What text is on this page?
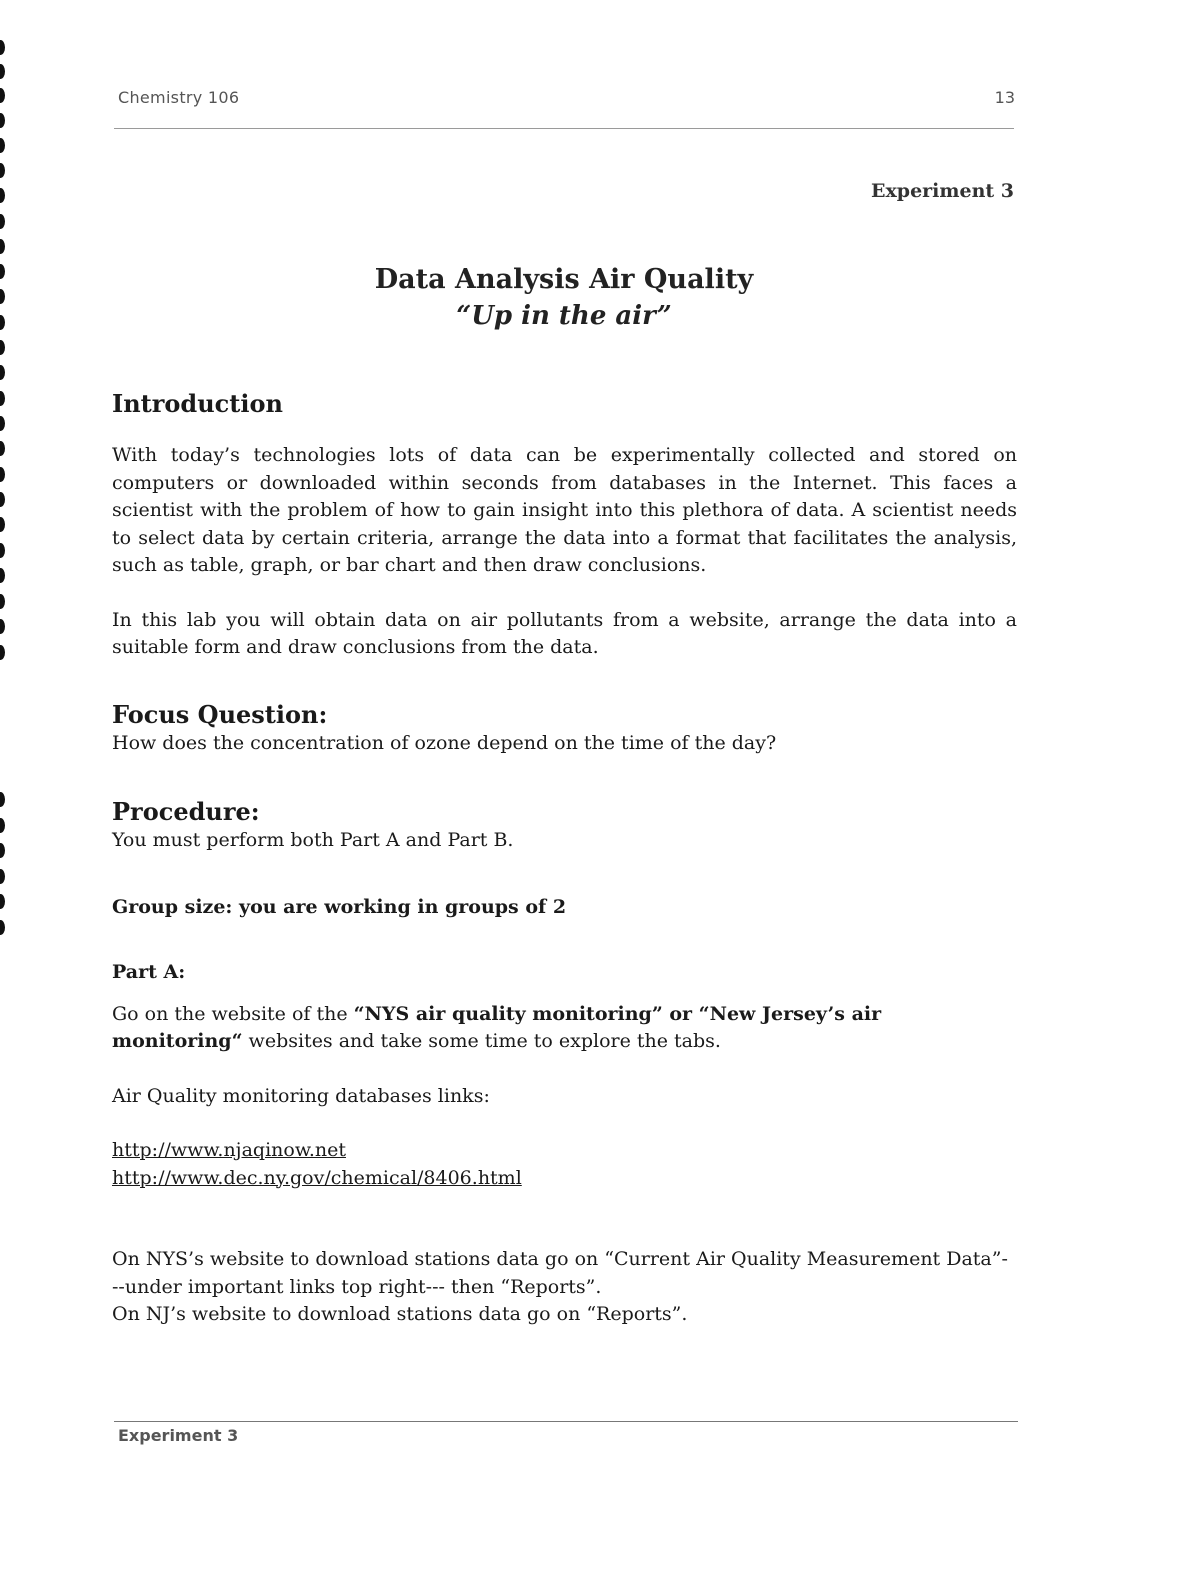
Chemistry 106	13
Experiment 3
Data Analysis Air Quality
“Up in the air”
Introduction

With today’s technologies lots of data can be experimentally collected and stored on computers or downloaded within seconds from databases in the Internet. This faces a scientist with the problem of how to gain insight into this plethora of data. A scientist needs to select data by certain criteria, arrange the data into a format that facilitates the analysis, such as table, graph, or bar chart and then draw conclusions.

In this lab you will obtain data on air pollutants from a website, arrange the data into a suitable form and draw conclusions from the data.

Focus Question:

How does the concentration of ozone depend on the time of the day?

Procedure:

You must perform both Part A and Part B.

Group size: you are working in groups of 2

Part A:

Go on the website of the “NYS air quality monitoring” or “New Jersey’s air monitoring“ websites and take some time to explore the tabs.

Air Quality monitoring databases links:

http://www.njaqinow.net
http://www.dec.ny.gov/chemical/8406.html

On NYS’s website to download stations data go on “Current Air Quality Measurement Data”-
--under important links top right--- then “Reports”.

On NJ’s website to download stations data go on “Reports”.

Experiment 3
